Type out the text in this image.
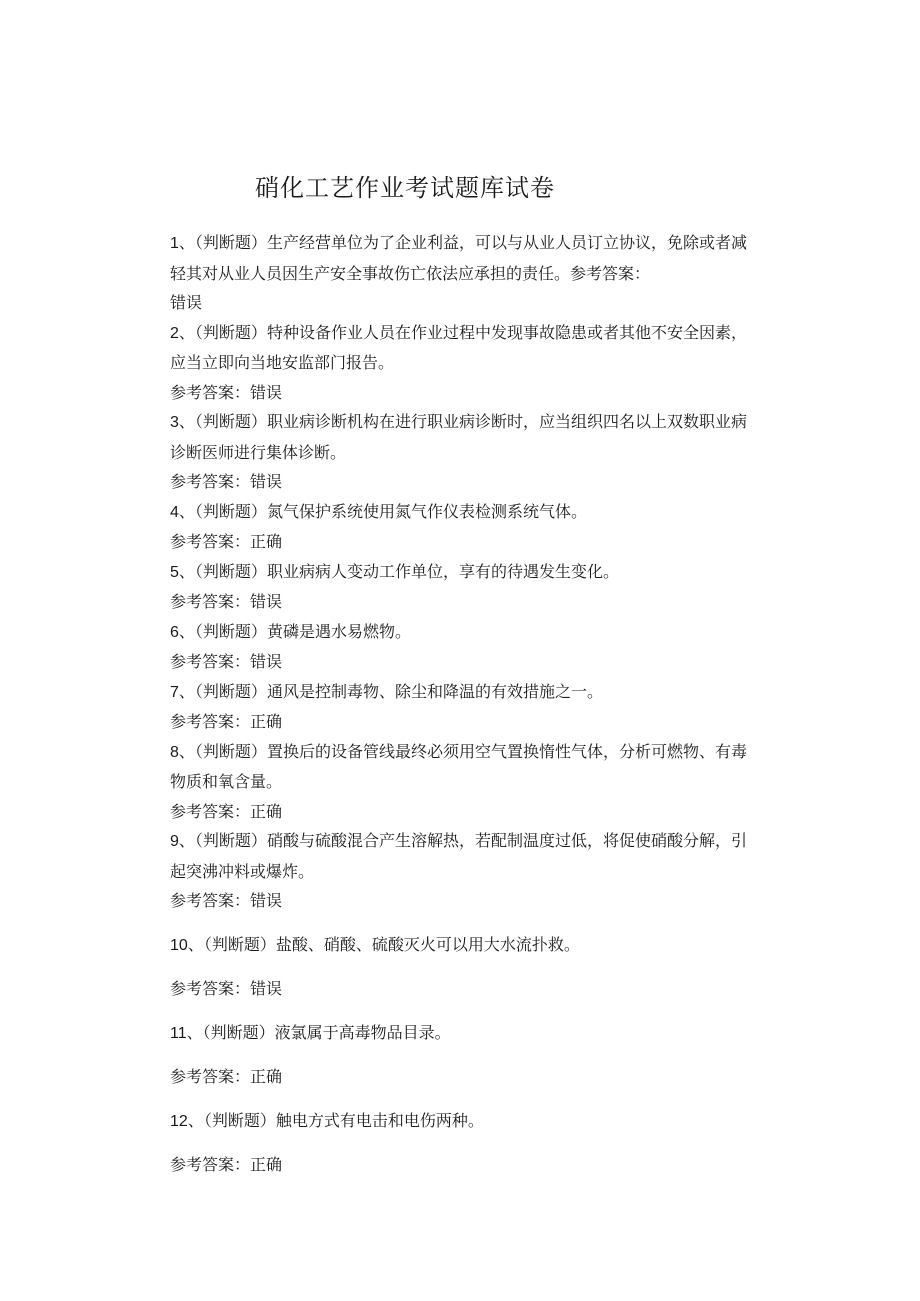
硝化工艺作业考试题库试卷

1、（判断题）生产经营单位为了企业利益，可以与从业人员订立协议，免除或者减轻其对从业人员因生产安全事故伤亡依法应承担的责任。参考答案：
错误

2、（判断题）特种设备作业人员在作业过程中发现事故隐患或者其他不安全因素，应当立即向当地安监部门报告。

参考答案：错误

3、（判断题）职业病诊断机构在进行职业病诊断时，应当组织四名以上双数职业病诊断医师进行集体诊断。

参考答案：错误

4、（判断题）氮气保护系统使用氮气作仪表检测系统气体。

参考答案：正确

5、（判断题）职业病病人变动工作单位，享有的待遇发生变化。

参考答案：错误

6、（判断题）黄磷是遇水易燃物。

参考答案：错误

7、（判断题）通风是控制毒物、除尘和降温的有效措施之一。

参考答案：正确

8、（判断题）置换后的设备管线最终必须用空气置换惰性气体，分析可燃物、有毒物质和氧含量。

参考答案：正确

9、（判断题）硝酸与硫酸混合产生溶解热，若配制温度过低，将促使硝酸分解，引起突沸冲料或爆炸。

参考答案：错误

10、（判断题）盐酸、硝酸、硫酸灭火可以用大水流扑救。

参考答案：错误

11、（判断题）液氯属于高毒物品目录。

参考答案：正确

12、（判断题）触电方式有电击和电伤两种。

参考答案：正确
